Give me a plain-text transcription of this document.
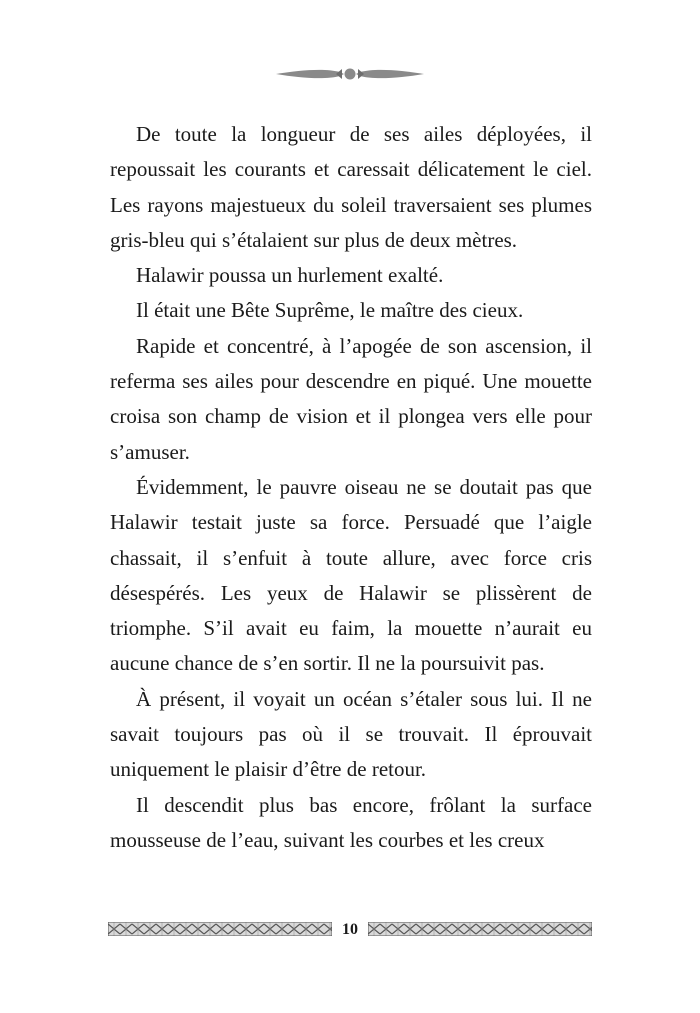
De toute la longueur de ses ailes déployées, il repoussait les courants et caressait délicatement le ciel. Les rayons majestueux du soleil traversaient ses plumes gris-bleu qui s’étalaient sur plus de deux mètres.

Halawir poussa un hurlement exalté.

Il était une Bête Suprême, le maître des cieux.

Rapide et concentré, à l’apogée de son ascension, il referma ses ailes pour descendre en piqué. Une mouette croisa son champ de vision et il plongea vers elle pour s’amuser.

Évidemment, le pauvre oiseau ne se doutait pas que Halawir testait juste sa force. Persuadé que l’aigle chassait, il s’enfuit à toute allure, avec force cris désespérés. Les yeux de Halawir se plissèrent de triomphe. S’il avait eu faim, la mouette n’aurait eu aucune chance de s’en sortir. Il ne la poursuivit pas.

À présent, il voyait un océan s’étaler sous lui. Il ne savait toujours pas où il se trouvait. Il éprouvait uniquement le plaisir d’être de retour.

Il descendit plus bas encore, frôlant la surface mousseuse de l’eau, suivant les courbes et les creux

10
